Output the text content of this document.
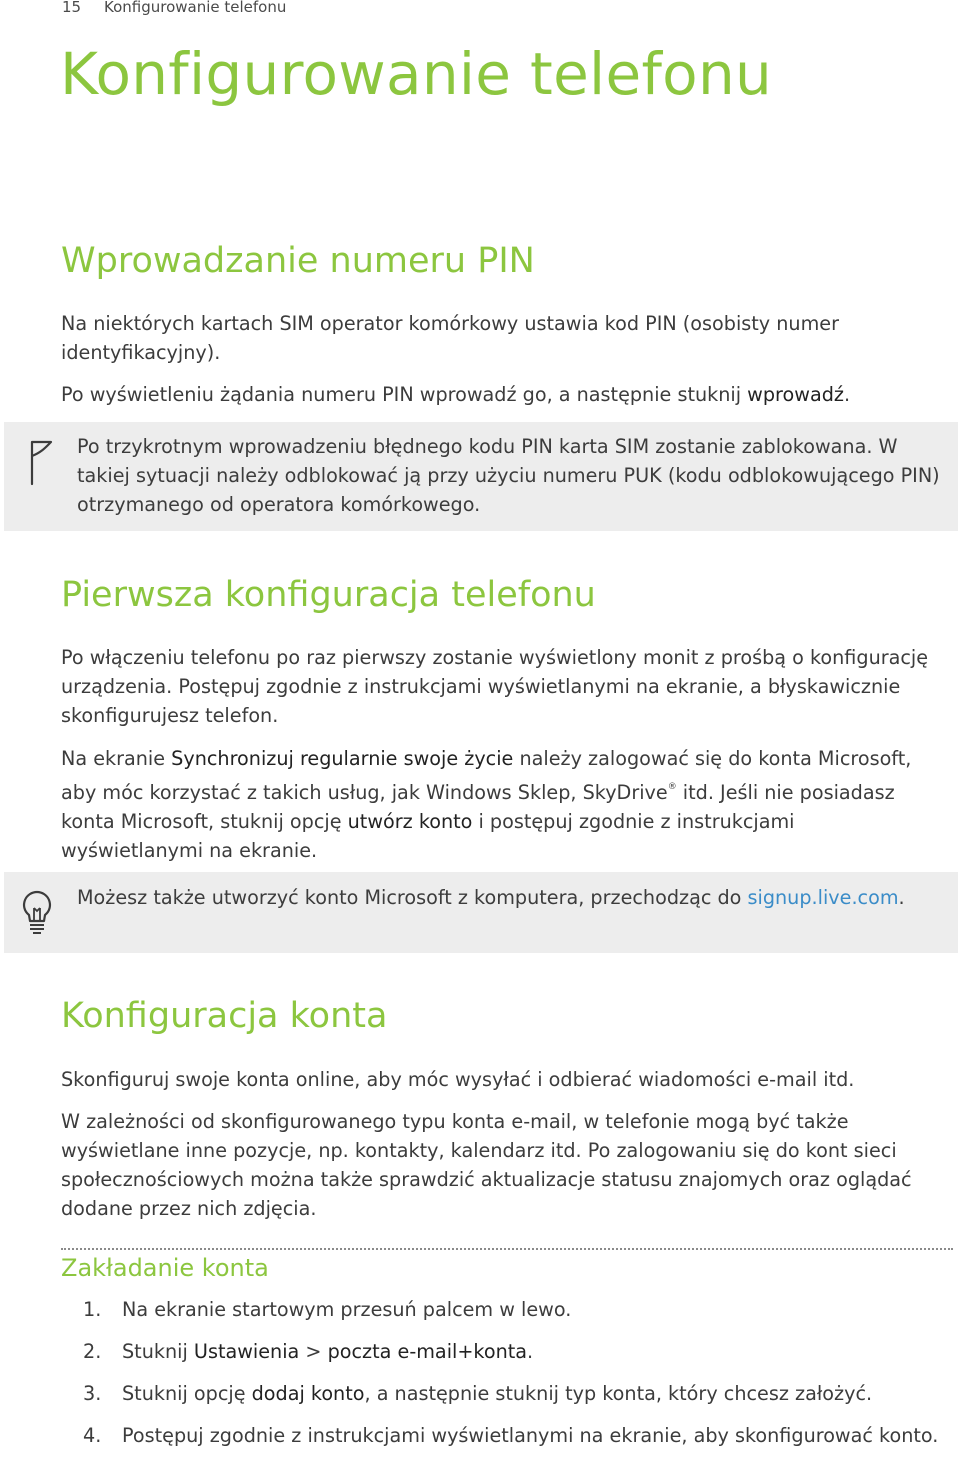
15 Konfigurowanie telefonu
Konfigurowanie telefonu
Wprowadzanie numeru PIN
Na niektórych kartach SIM operator komórkowy ustawia kod PIN (osobisty numer identyfikacyjny).
Po wyświetleniu żądania numeru PIN wprowadź go, a następnie stuknij wprowadź.
Po trzykrotnym wprowadzeniu błędnego kodu PIN karta SIM zostanie zablokowana. W takiej sytuacji należy odblokować ją przy użyciu numeru PUK (kodu odblokowującego PIN) otrzymanego od operatora komórkowego.
Pierwsza konfiguracja telefonu
Po włączeniu telefonu po raz pierwszy zostanie wyświetlony monit z prośbą o konfigurację urządzenia. Postępuj zgodnie z instrukcjami wyświetlanymi na ekranie, a błyskawicznie skonfigurujesz telefon.
Na ekranie Synchronizuj regularnie swoje życie należy zalogować się do konta Microsoft, aby móc korzystać z takich usług, jak Windows Sklep, SkyDrive® itd. Jeśli nie posiadasz konta Microsoft, stuknij opcję utwórz konto i postępuj zgodnie z instrukcjami wyświetlanymi na ekranie.
Możesz także utworzyć konto Microsoft z komputera, przechodząc do signup.live.com.
Konfiguracja konta
Skonfiguruj swoje konta online, aby móc wysyłać i odbierać wiadomości e-mail itd.
W zależności od skonfigurowanego typu konta e-mail, w telefonie mogą być także wyświetlane inne pozycje, np. kontakty, kalendarz itd. Po zalogowaniu się do kont sieci społecznościowych można także sprawdzić aktualizacje statusu znajomych oraz oglądać dodane przez nich zdjęcia.
Zakładanie konta
1.	Na ekranie startowym przesuń palcem w lewo.
2.	Stuknij Ustawienia > poczta e-mail+konta.
3.	Stuknij opcję dodaj konto, a następnie stuknij typ konta, który chcesz założyć.
4.	Postępuj zgodnie z instrukcjami wyświetlanymi na ekranie, aby skonfigurować konto.
